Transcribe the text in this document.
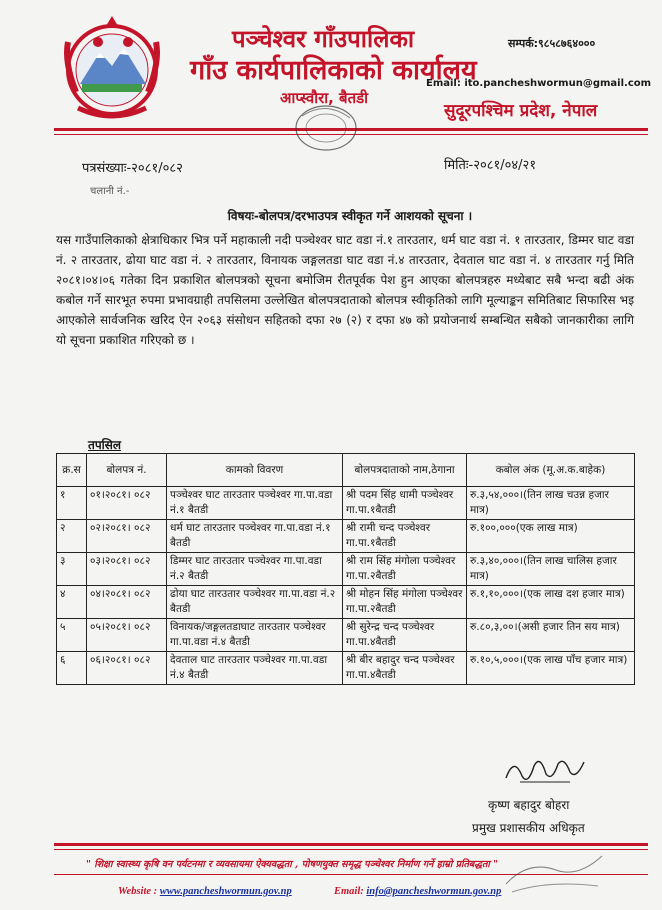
पञ्चेश्वर गाँउपालिका
गाँउ कार्यपालिकाको कार्यालय
आप्स्वौरा, बैतडी
सम्पर्क:९८५८७६४०००
Email: ito.pancheshwormun@gmail.com
सुदूरपश्चिम प्रदेश, नेपाल
पत्रसंख्याः-२०८१/०८२	मितिः-२०८१/०४/२१
चलानी नं.-
विषयः-बोलपत्र/दरभाउपत्र स्वीकृत गर्ने आशयको सूचना ।
यस गाउँपालिकाको क्षेत्राधिकार भित्र पर्ने महाकाली नदी पञ्चेश्वर घाट वडा नं.१ तारउतार, धर्म घाट वडा नं. १ तारउतार, डिम्मर घाट वडा नं. २ तारउतार, ढोया घाट वडा नं. २ तारउतार, विनायक जङ्गलतडा घाट वडा नं.४ तारउतार, देवताल घाट वडा नं. ४ तारउतार गर्नु मिति २०८१।०४।०६ गतेका दिन प्रकाशित बोलपत्रको सूचना बमोजिम रीतपूर्वक पेश हुन आएका बोलपत्रहरु मध्येबाट सबै भन्दा बढी अंक कबोल गर्ने सारभूत रुपमा प्रभावग्राही तपसिलमा उल्लेखित बोलपत्रदाताको बोलपत्र स्वीकृतिको लागि मूल्याङ्कन समितिबाट सिफारिस भइ आएकोले सार्वजनिक खरिद ऐन २०६३ संसोधन सहितको दफा २७ (२) र दफा ४७ को प्रयोजनार्थ सम्बन्धित सबैको जानकारीका लागि यो सूचना प्रकाशित गरिएको छ ।
तपसिल
क्र.स	बोलपत्र नं.	कामको विवरण	बोलपत्रदाताको नाम,ठेगाना	कबोल अंक (मू.अ.क.बाहेक)
१	०१।२०८१। ०८२	पञ्चेश्वर घाट तारउतार पञ्चेश्वर गा.पा.वडा नं.१ बैतडी	श्री पदम सिंह धामी पञ्चेश्वर गा.पा.१बैतडी	रु.३,५४,०००।(तिन लाख चउन्न हजार मात्र)
२	०२।२०८१। ०८२	धर्म घाट तारउतार पञ्चेश्वर गा.पा.वडा नं.१ बैतडी	श्री रामी चन्द पञ्चेश्वर गा.पा.१बैतडी	रु.१००,०००(एक लाख मात्र)
३	०३।२०८१। ०८२	डिम्मर घाट तारउतार पञ्चेश्वर गा.पा.वडा नं.२ बैतडी	श्री राम सिंह मंगोला पञ्चेश्वर गा.पा.२बैतडी	रु.३,४०,०००।(तिन लाख चालिस हजार मात्र)
४	०४।२०८१। ०८२	ढोया घाट तारउतार पञ्चेश्वर गा.पा.वडा नं.२ बैतडी	श्री मोहन सिंह मंगोला पञ्चेश्वर गा.पा.२बैतडी	रु.१,१०,०००।(एक लाख दश हजार मात्र)
५	०५।२०८१। ०८२	विनायक/जङ्गलतडाघाट तारउतार पञ्चेश्वर गा.पा.वडा नं.४ बैतडी	श्री सुरेन्द्र चन्द पञ्चेश्वर गा.पा.४बैतडी	रु.८०,३,००।(असी हजार तिन सय मात्र)
६	०६।२०८१। ०८२	देवताल घाट तारउतार पञ्चेश्वर गा.पा.वडा नं.४ बैतडी	श्री बीर बहादुर चन्द पञ्चेश्वर गा.पा.४बैतडी	रु.१०,५,०००।(एक लाख पाँच हजार मात्र)
कृष्ण बहादुर बोहरा
प्रमुख प्रशासकीय अधिकृत
" शिक्षा स्वास्थ्य कृषि वन पर्यटनमा र व्यवसायमा ऐक्यवद्धता , पोषणयुक्त समृद्ध पञ्चेश्वर निर्माण गर्ने हाम्रो प्रतिबद्धता "
Website : www.pancheshwormun.gov.np	Email: info@pancheshwormun.gov.np
